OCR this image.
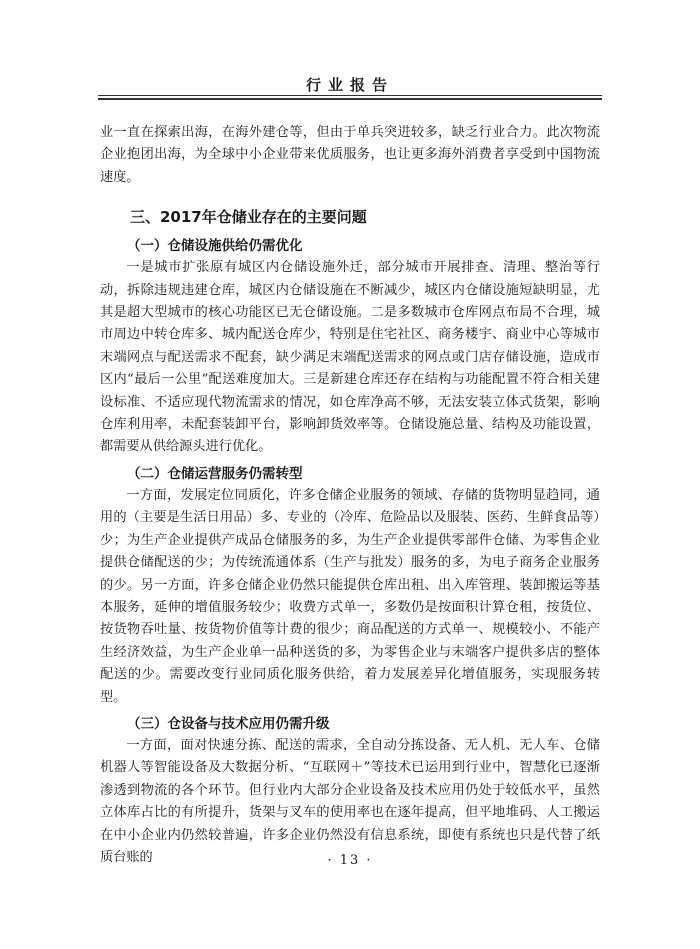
行业报告

业一直在探索出海，在海外建仓等，但由于单兵突进较多，缺乏行业合力。此次物流企业抱团出海，为全球中小企业带来优质服务，也让更多海外消费者享受到中国物流速度。

三、2017年仓储业存在的主要问题

（一）仓储设施供给仍需优化

一是城市扩张原有城区内仓储设施外迁，部分城市开展排查、清理、整治等行动，拆除违规违建仓库，城区内仓储设施在不断减少，城区内仓储设施短缺明显，尤其是超大型城市的核心功能区已无仓储设施。二是多数城市仓库网点布局不合理，城市周边中转仓库多、城内配送仓库少，特别是住宅社区、商务楼宇、商业中心等城市末端网点与配送需求不配套，缺少满足末端配送需求的网点或门店存储设施，造成市区内“最后一公里”配送难度加大。三是新建仓库还存在结构与功能配置不符合相关建设标准、不适应现代物流需求的情况，如仓库净高不够，无法安装立体式货架，影响仓库利用率，未配套装卸平台，影响卸货效率等。仓储设施总量、结构及功能设置，都需要从供给源头进行优化。

（二）仓储运营服务仍需转型

一方面，发展定位同质化，许多仓储企业服务的领域、存储的货物明显趋同，通用的（主要是生活日用品）多、专业的（冷库、危险品以及服装、医药、生鲜食品等）少；为生产企业提供产成品仓储服务的多，为生产企业提供零部件仓储、为零售企业提供仓储配送的少；为传统流通体系（生产与批发）服务的多，为电子商务企业服务的少。另一方面，许多仓储企业仍然只能提供仓库出租、出入库管理、装卸搬运等基本服务，延伸的增值服务较少；收费方式单一，多数仍是按面积计算仓租，按货位、按货物吞吐量、按货物价值等计费的很少；商品配送的方式单一、规模较小、不能产生经济效益，为生产企业单一品种送货的多，为零售企业与末端客户提供多店的整体配送的少。需要改变行业同质化服务供给，着力发展差异化增值服务，实现服务转型。

（三）仓设备与技术应用仍需升级

一方面，面对快速分拣、配送的需求，全自动分拣设备、无人机、无人车、仓储机器人等智能设备及大数据分析、“互联网＋”等技术已运用到行业中，智慧化已逐渐渗透到物流的各个环节。但行业内大部分企业设备及技术应用仍处于较低水平，虽然立体库占比的有所提升，货架与叉车的使用率也在逐年提高，但平地堆码、人工搬运在中小企业内仍然较普遍，许多企业仍然没有信息系统，即使有系统也只是代替了纸质台账的	· 13 ·
